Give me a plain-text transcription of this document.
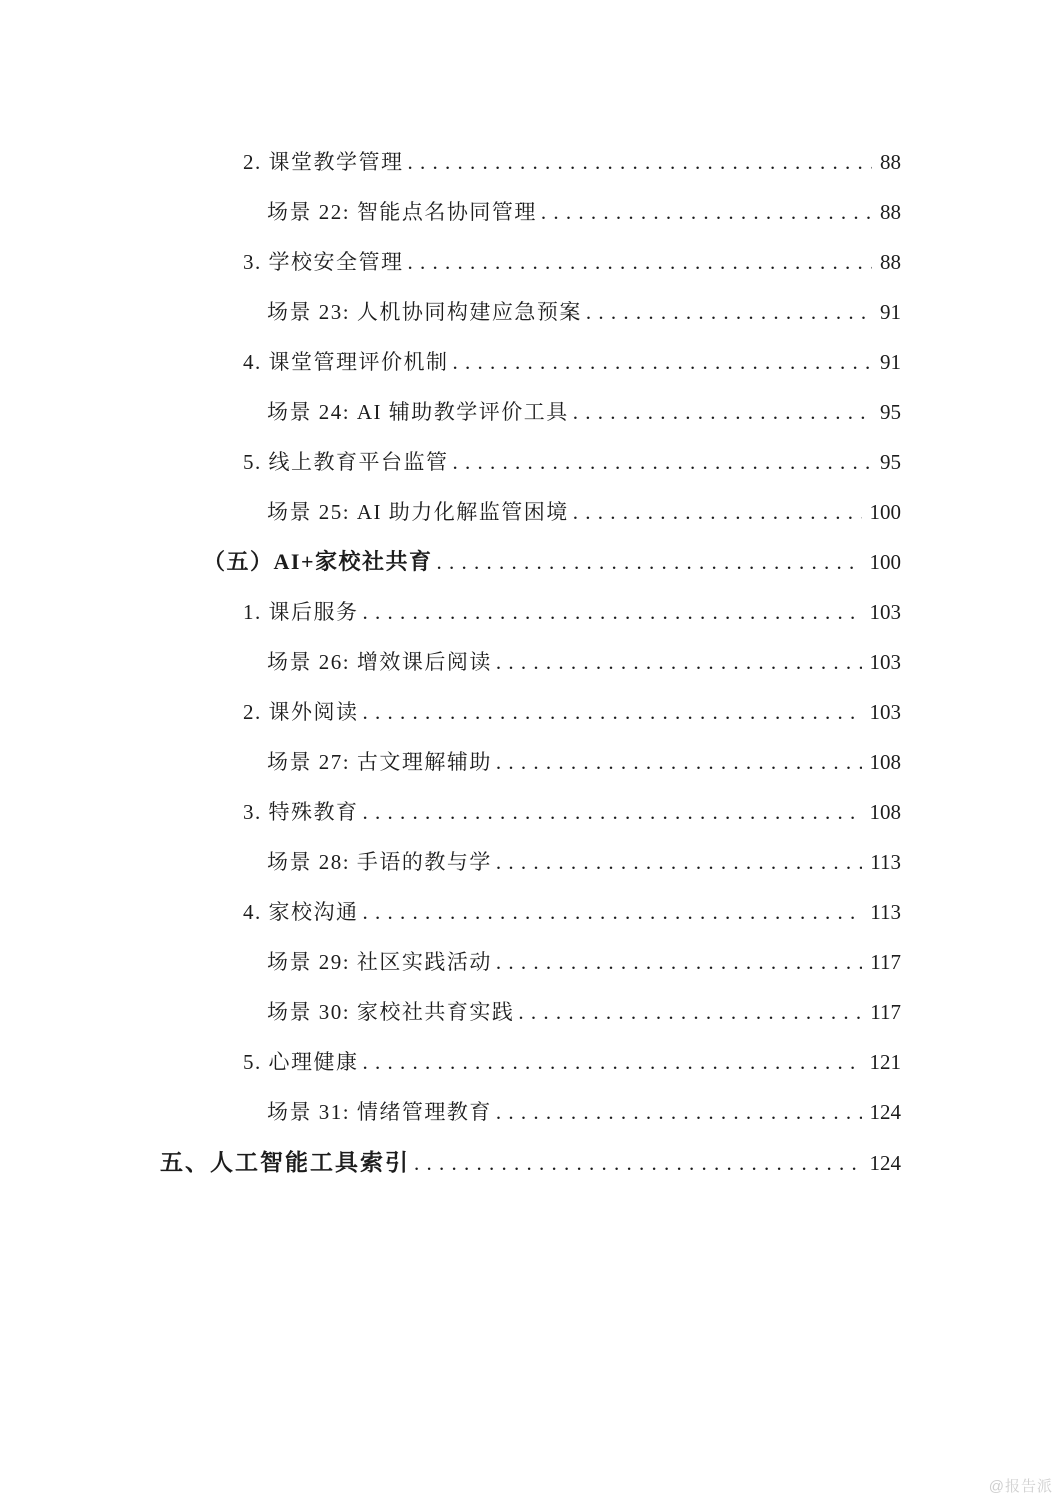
2. 课堂教学管理 . . .	88
场景 22: 智能点名协同管理 . . .	88
3. 学校安全管理 . . .	88
场景 23: 人机协同构建应急预案 . . .	91
4. 课堂管理评价机制 . . .	91
场景 24: AI 辅助教学评价工具 . . .	95
5. 线上教育平台监管 . . .	95
场景 25: AI 助力化解监管困境 . . .	100
（五）AI+家校社共育 . . .	100
1. 课后服务 . . .	103
场景 26: 增效课后阅读 . . .	103
2. 课外阅读 . . .	103
场景 27: 古文理解辅助 . . .	108
3. 特殊教育 . . .	108
场景 28: 手语的教与学 . . .	113
4. 家校沟通 . . .	113
场景 29: 社区实践活动 . . .	117
场景 30: 家校社共育实践 . . .	117
5. 心理健康 . . .	121
场景 31: 情绪管理教育 . . .	124
五、人工智能工具索引 . . .	124
@报告派
